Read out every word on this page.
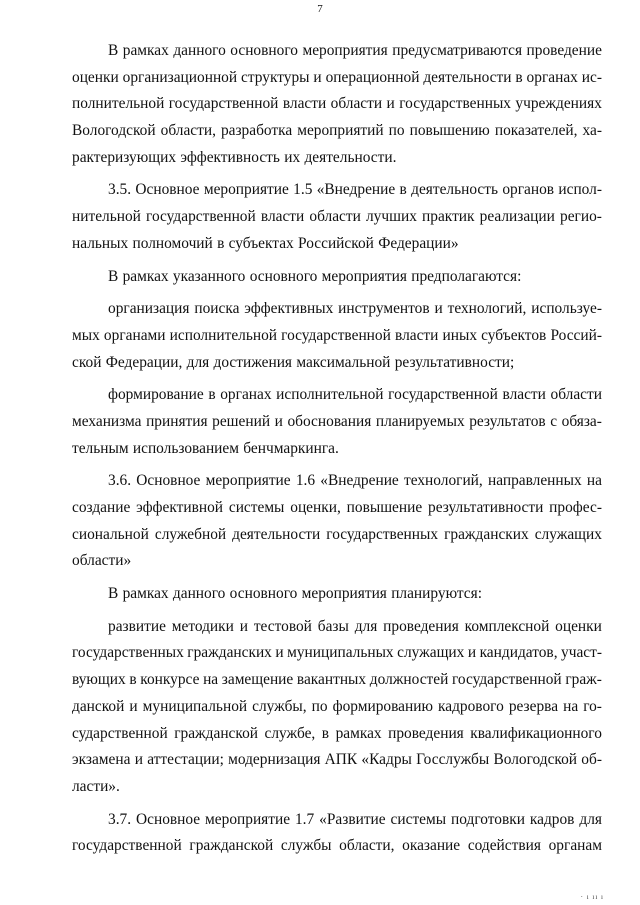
7
В рамках данного основного мероприятия предусматриваются проведение
оценки организационной структуры и операционной деятельности в органах ис-
полнительной государственной власти области и государственных учреждениях
Вологодской области, разработка мероприятий по повышению показателей, ха-
рактеризующих эффективность их деятельности.
3.5. Основное мероприятие 1.5 «Внедрение в деятельность органов испол-
нительной государственной власти области лучших практик реализации регио-
нальных полномочий в субъектах Российской Федерации»
В рамках указанного основного мероприятия предполагаются:
организация поиска эффективных инструментов и технологий, используе-
мых органами исполнительной государственной власти иных субъектов Россий-
ской Федерации, для достижения максимальной результативности;
формирование в органах исполнительной государственной власти области
механизма принятия решений и обоснования планируемых результатов с обяза-
тельным использованием бенчмаркинга.
3.6. Основное мероприятие 1.6 «Внедрение технологий, направленных на
создание эффективной системы оценки, повышение результативности профес-
сиональной служебной деятельности государственных гражданских служащих
области»
В рамках данного основного мероприятия планируются:
развитие методики и тестовой базы для проведения комплексной оценки
государственных гражданских и муниципальных служащих и кандидатов, участ-
вующих в конкурсе на замещение вакантных должностей государственной граж-
данской и муниципальной службы, по формированию кадрового резерва на го-
сударственной гражданской службе, в рамках проведения квалификационного
экзамена и аттестации; модернизация АПК «Кадры Госслужбы Вологодской об-
ласти».
3.7. Основное мероприятие 1.7 «Развитие системы подготовки кадров для
государственной гражданской службы области, оказание содействия органам
· ı ıı ı
